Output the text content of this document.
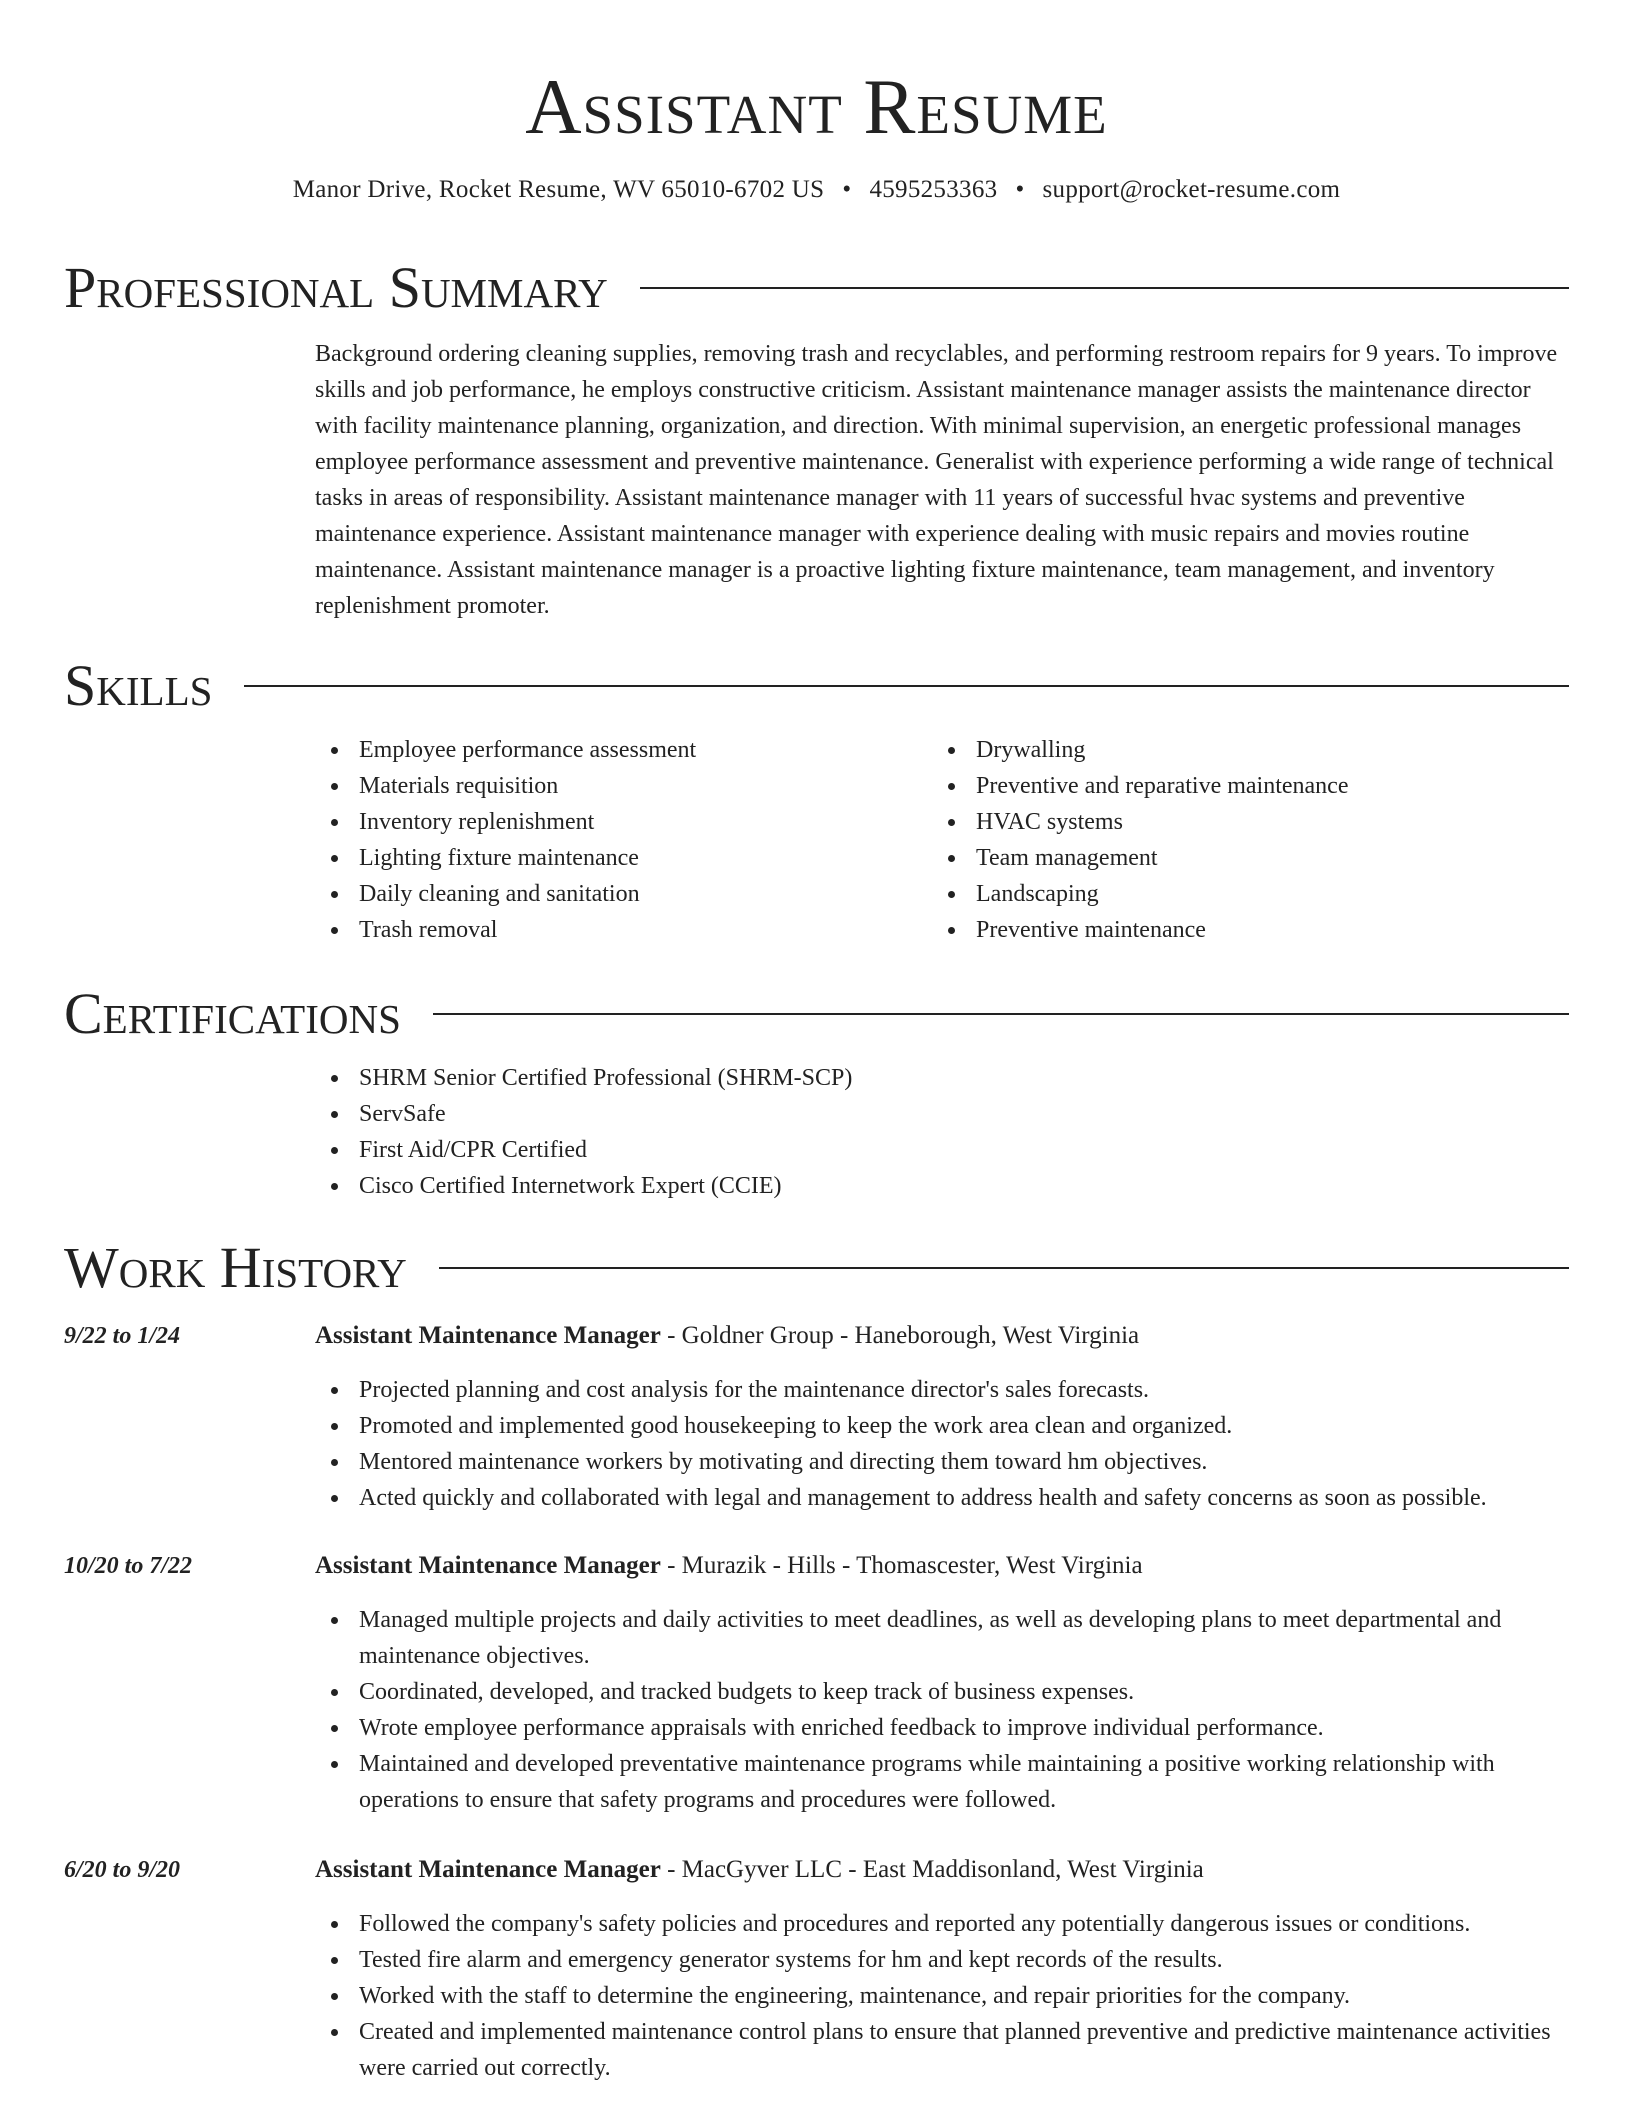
Assistant Resume
Manor Drive, Rocket Resume, WV 65010-6702 US • 4595253363 • support@rocket-resume.com
Professional Summary

Background ordering cleaning supplies, removing trash and recyclables, and performing restroom repairs for 9 years. To improve skills and job performance, he employs constructive criticism. Assistant maintenance manager assists the maintenance director with facility maintenance planning, organization, and direction. With minimal supervision, an energetic professional manages employee performance assessment and preventive maintenance. Generalist with experience performing a wide range of technical tasks in areas of responsibility. Assistant maintenance manager with 11 years of successful hvac systems and preventive maintenance experience. Assistant maintenance manager with experience dealing with music repairs and movies routine maintenance. Assistant maintenance manager is a proactive lighting fixture maintenance, team management, and inventory replenishment promoter.

Skills
Employee performance assessment
Materials requisition
Inventory replenishment
Lighting fixture maintenance
Daily cleaning and sanitation
Trash removal
Drywalling
Preventive and reparative maintenance
HVAC systems
Team management
Landscaping
Preventive maintenance
Certifications
SHRM Senior Certified Professional (SHRM-SCP)
ServSafe
First Aid/CPR Certified
Cisco Certified Internetwork Expert (CCIE)
Work History
9/22 to 1/24	Assistant Maintenance Manager - Goldner Group - Haneborough, West Virginia
Projected planning and cost analysis for the maintenance director's sales forecasts.
Promoted and implemented good housekeeping to keep the work area clean and organized.
Mentored maintenance workers by motivating and directing them toward hm objectives.
Acted quickly and collaborated with legal and management to address health and safety concerns as soon as possible.
10/20 to 7/22	Assistant Maintenance Manager - Murazik - Hills - Thomascester, West Virginia
Managed multiple projects and daily activities to meet deadlines, as well as developing plans to meet departmental and maintenance objectives.
Coordinated, developed, and tracked budgets to keep track of business expenses.
Wrote employee performance appraisals with enriched feedback to improve individual performance.
Maintained and developed preventative maintenance programs while maintaining a positive working relationship with operations to ensure that safety programs and procedures were followed.
6/20 to 9/20	Assistant Maintenance Manager - MacGyver LLC - East Maddisonland, West Virginia
Followed the company's safety policies and procedures and reported any potentially dangerous issues or conditions.
Tested fire alarm and emergency generator systems for hm and kept records of the results.
Worked with the staff to determine the engineering, maintenance, and repair priorities for the company.
Created and implemented maintenance control plans to ensure that planned preventive and predictive maintenance activities were carried out correctly.
